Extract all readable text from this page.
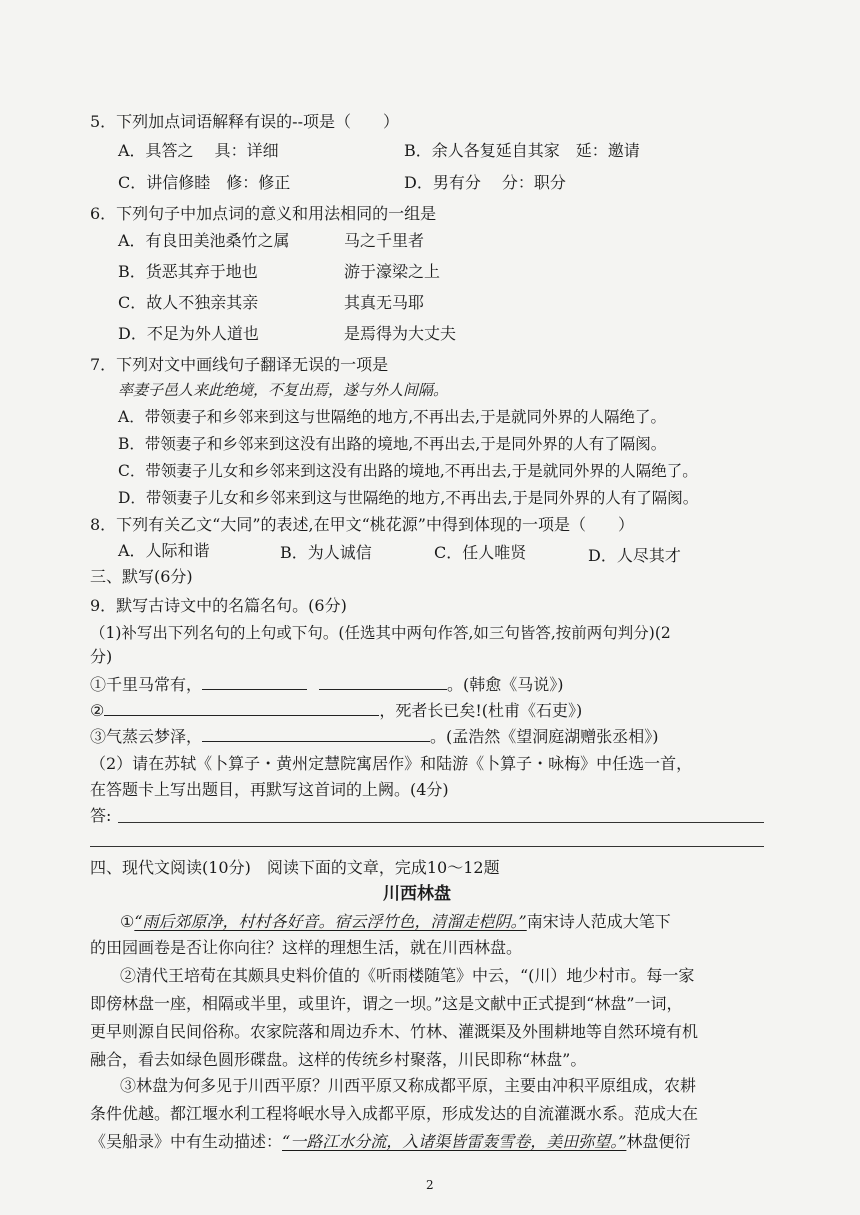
5．下列加点词语解释有误的--项是（　　）
A．具答之　 具：详细	B．余人各复延自其家　延：邀请
C．讲信修睦　修：修正	D．男有分　 分：职分
6．下列句子中加点词的意义和用法相同的一组是
A．有良田美池桑竹之属	马之千里者
B．货恶其弃于地也	游于濠梁之上
C．故人不独亲其亲	其真无马耶
D．不足为外人道也	是焉得为大丈夫
7．下列对文中画线句子翻译无误的一项是
率妻子邑人来此绝境，不复出焉，遂与外人间隔。
A．带领妻子和乡邻来到这与世隔绝的地方,不再出去,于是就同外界的人隔绝了。
B．带领妻子和乡邻来到这没有出路的境地,不再出去,于是同外界的人有了隔阂。
C．带领妻子儿女和乡邻来到这没有出路的境地,不再出去,于是就同外界的人隔绝了。
D．带领妻子儿女和乡邻来到这与世隔绝的地方,不再出去,于是同外界的人有了隔阂。
8．下列有关乙文“大同”的表述,在甲文“桃花源”中得到体现的一项是（　　）
A．人际和谐	B．为人诚信	C．任人唯贤	D．人尽其才
三、默写(6分)
9．默写古诗文中的名篇名句。(6分)
（1)补写出下列名句的上句或下句。(任选其中两句作答,如三句皆答,按前两句判分)(2
分)
①千里马常有，	。(韩愈《马说》)
②	，死者长已矣!(杜甫《石吏》)
③气蒸云梦泽，	。(孟浩然《望洞庭湖赠张丞相》)
（2）请在苏轼《卜算子・黄州定慧院寓居作》和陆游《卜算子・咏梅》中任选一首，
在答题卡上写出题目，再默写这首词的上阙。(4分)
答:
四、现代文阅读(10分)　阅读下面的文章，完成10～12题
川西林盘
①“雨后郊原净，村村各好音。宿云浮竹色，清溜走桤阴。”南宋诗人范成大笔下
的田园画卷是否让你向往？这样的理想生活，就在川西林盘。
②清代王培荀在其颇具史料价值的《听雨楼随笔》中云，“(川）地少村市。每一家
即傍林盘一座，相隔或半里，或里许，谓之一坝。”这是文献中正式提到“林盘”一词，
更早则源自民间俗称。农家院落和周边乔木、竹林、灌溉渠及外围耕地等自然环境有机
融合，看去如绿色圆形碟盘。这样的传统乡村聚落，川民即称“林盘”。
③林盘为何多见于川西平原？川西平原又称成都平原，主要由冲积平原组成，农耕
条件优越。都江堰水利工程将岷水导入成都平原，形成发达的自流灌溉水系。范成大在
《吴船录》中有生动描述：“一路江水分流，入诸渠皆雷轰雪卷，美田弥望。”林盘便衍
2
